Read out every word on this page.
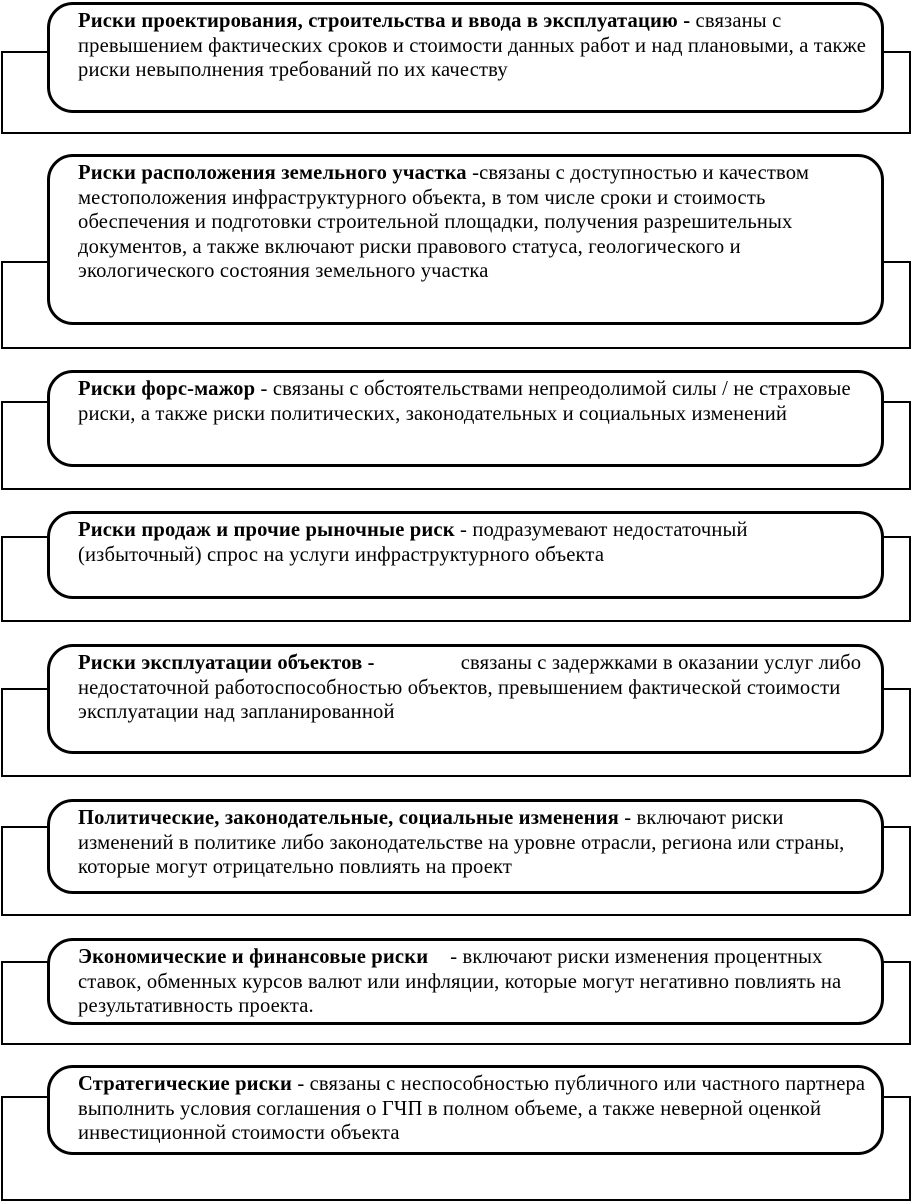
Риски проектирования, строительства и ввода в эксплуатацию - связаны с превышением фактических сроков и стоимости данных работ и над плановыми, а также риски невыполнения требований по их качеству
Риски расположения земельного участка -связаны с доступностью и качеством местоположения инфраструктурного объекта, в том числе сроки и стоимость обеспечения и подготовки строительной площадки, получения разрешительных документов, а также включают риски правового статуса, геологического и экологического состояния земельного участка
Риски форс-мажор - связаны с обстоятельствами непреодолимой силы / не страховые риски, а также риски политических, законодательных и социальных изменений
Риски продаж и прочие рыночные риск - подразумевают недостаточный (избыточный) спрос на услуги инфраструктурного объекта
Риски эксплуатации объектов -	связаны с задержками в оказании услуг либо недостаточной работоспособностью объектов, превышением фактической стоимости эксплуатации над запланированной
Политические, законодательные, социальные изменения - включают риски изменений в политике либо законодательстве на уровне отрасли, региона или страны, которые могут отрицательно повлиять на проект
Экономические и финансовые риски - включают риски изменения процентных ставок, обменных курсов валют или инфляции, которые могут негативно повлиять на результативность проекта.
Стратегические риски - связаны с неспособностью публичного или частного партнера выполнить условия соглашения о ГЧП в полном объеме, а также неверной оценкой инвестиционной стоимости объекта
